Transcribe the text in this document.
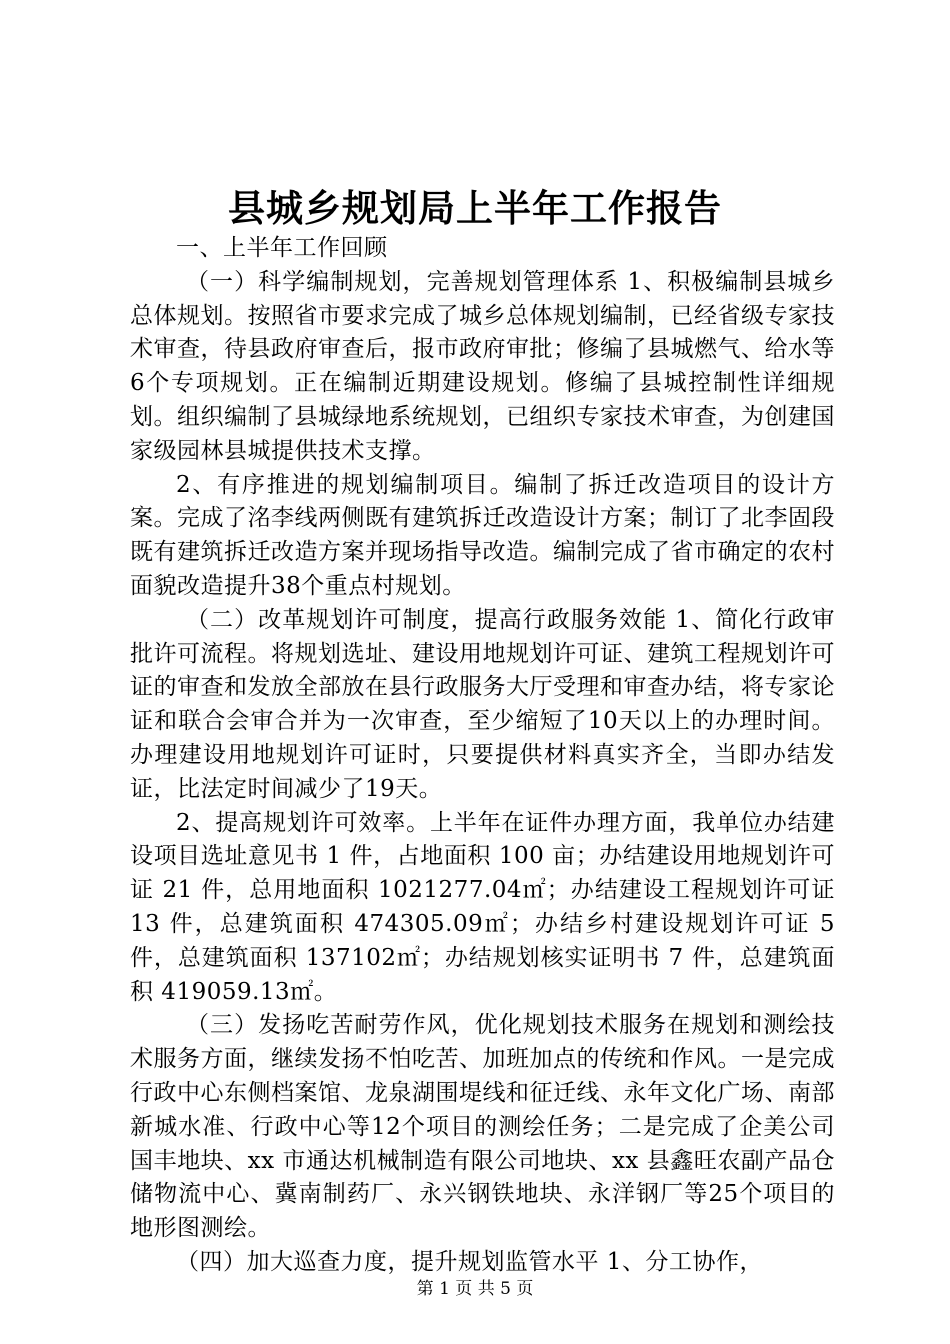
县城乡规划局上半年工作报告

一、上半年工作回顾

（一）科学编制规划，完善规划管理体系 1、积极编制县城乡总体规划。按照省市要求完成了城乡总体规划编制，已经省级专家技术审查，待县政府审查后，报市政府审批；修编了县城燃气、给水等6个专项规划。正在编制近期建设规划。修编了县城控制性详细规划。组织编制了县城绿地系统规划，已组织专家技术审查，为创建国家级园林县城提供技术支撑。

2、有序推进的规划编制项目。编制了拆迁改造项目的设计方案。完成了洺李线两侧既有建筑拆迁改造设计方案；制订了北李固段既有建筑拆迁改造方案并现场指导改造。编制完成了省市确定的农村面貌改造提升38个重点村规划。

（二）改革规划许可制度，提高行政服务效能 1、简化行政审批许可流程。将规划选址、建设用地规划许可证、建筑工程规划许可证的审查和发放全部放在县行政服务大厅受理和审查办结，将专家论证和联合会审合并为一次审查，至少缩短了10天以上的办理时间。办理建设用地规划许可证时，只要提供材料真实齐全，当即办结发证，比法定时间减少了19天。

2、提高规划许可效率。上半年在证件办理方面，我单位办结建设项目选址意见书 1 件，占地面积 100 亩；办结建设用地规划许可证 21 件，总用地面积 1021277.04㎡；办结建设工程规划许可证 13 件，总建筑面积 474305.09㎡；办结乡村建设规划许可证 5 件，总建筑面积 137102㎡；办结规划核实证明书 7 件，总建筑面积 419059.13㎡。

（三）发扬吃苦耐劳作风，优化规划技术服务在规划和测绘技术服务方面，继续发扬不怕吃苦、加班加点的传统和作风。一是完成行政中心东侧档案馆、龙泉湖围堤线和征迁线、永年文化广场、南部新城水准、行政中心等12个项目的测绘任务；二是完成了企美公司国丰地块、xx 市通达机械制造有限公司地块、xx 县鑫旺农副产品仓储物流中心、冀南制药厂、永兴钢铁地块、永洋钢厂等25个项目的地形图测绘。

（四）加大巡查力度，提升规划监管水平 1、分工协作，

第 1 页 共 5 页
